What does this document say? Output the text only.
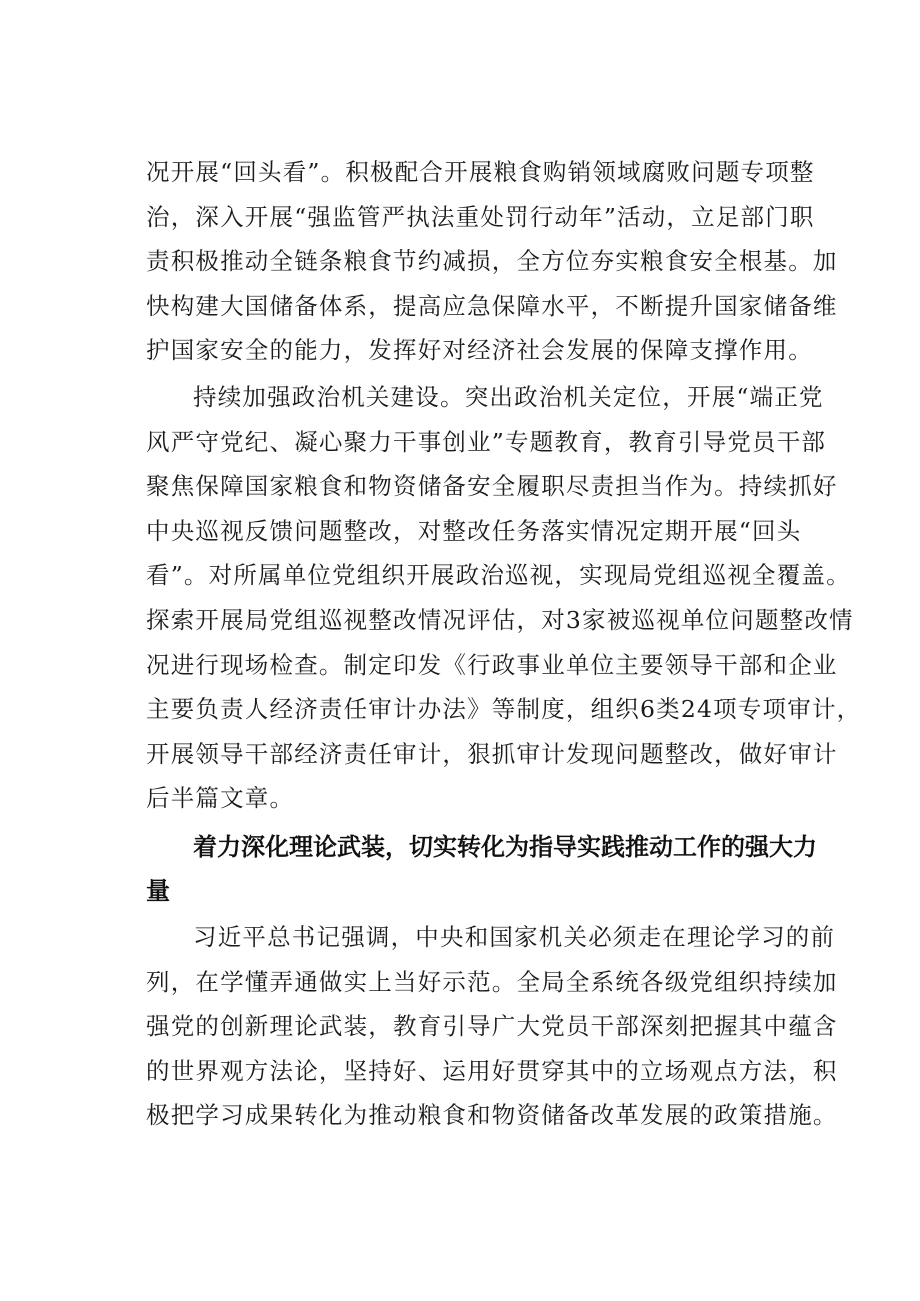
况开展“回头看”。积极配合开展粮食购销领域腐败问题专项整
治，深入开展“强监管严执法重处罚行动年”活动，立足部门职
责积极推动全链条粮食节约减损，全方位夯实粮食安全根基。加
快构建大国储备体系，提高应急保障水平，不断提升国家储备维
护国家安全的能力，发挥好对经济社会发展的保障支撑作用。
持续加强政治机关建设。突出政治机关定位，开展“端正党
风严守党纪、凝心聚力干事创业”专题教育，教育引导党员干部
聚焦保障国家粮食和物资储备安全履职尽责担当作为。持续抓好
中央巡视反馈问题整改，对整改任务落实情况定期开展“回头
看”。对所属单位党组织开展政治巡视，实现局党组巡视全覆盖。
探索开展局党组巡视整改情况评估，对3家被巡视单位问题整改情
况进行现场检查。制定印发《行政事业单位主要领导干部和企业
主要负责人经济责任审计办法》等制度，组织6类24项专项审计，
开展领导干部经济责任审计，狠抓审计发现问题整改，做好审计
后半篇文章。
着力深化理论武装，切实转化为指导实践推动工作的强大力
量
习近平总书记强调，中央和国家机关必须走在理论学习的前
列，在学懂弄通做实上当好示范。全局全系统各级党组织持续加
强党的创新理论武装，教育引导广大党员干部深刻把握其中蕴含
的世界观方法论，坚持好、运用好贯穿其中的立场观点方法，积
极把学习成果转化为推动粮食和物资储备改革发展的政策措施。
